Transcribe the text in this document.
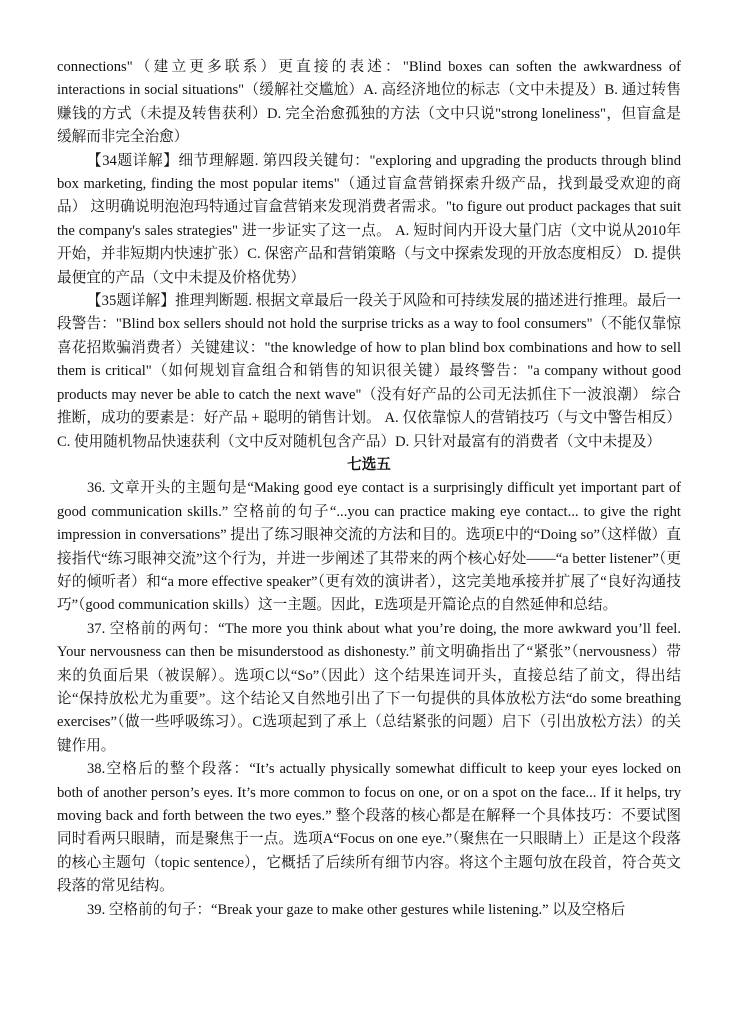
connections"（建立更多联系）更直接的表述："Blind boxes can soften the awkwardness of interactions in social situations"（缓解社交尴尬）A. 高经济地位的标志（文中未提及）B. 通过转售赚钱的方式（未提及转售获利）D. 完全治愈孤独的方法（文中只说"strong loneliness"，但盲盒是缓解而非完全治愈）

【34题详解】细节理解题. 第四段关键句："exploring and upgrading the products through blind box marketing, finding the most popular items"（通过盲盒营销探索升级产品，找到最受欢迎的商品） 这明确说明泡泡玛特通过盲盒营销来发现消费者需求。"to figure out product packages that suit the company's sales strategies" 进一步证实了这一点。 A. 短时间内开设大量门店（文中说从2010年开始，并非短期内快速扩张）C. 保密产品和营销策略（与文中探索发现的开放态度相反） D. 提供最便宜的产品（文中未提及价格优势）

【35题详解】推理判断题. 根据文章最后一段关于风险和可持续发展的描述进行推理。最后一段警告："Blind box sellers should not hold the surprise tricks as a way to fool consumers"（不能仅靠惊喜花招欺骗消费者）关键建议："the knowledge of how to plan blind box combinations and how to sell them is critical"（如何规划盲盒组合和销售的知识很关键）最终警告："a company without good products may never be able to catch the next wave"（没有好产品的公司无法抓住下一波浪潮） 综合推断，成功的要素是：好产品 + 聪明的销售计划。 A. 仅依靠惊人的营销技巧（与文中警告相反） C. 使用随机物品快速获利（文中反对随机包含产品）D. 只针对最富有的消费者（文中未提及）

七选五

36. 文章开头的主题句是“Making good eye contact is a surprisingly difficult yet important part of good communication skills.” 空格前的句子“...you can practice making eye contact... to give the right impression in conversations” 提出了练习眼神交流的方法和目的。选项E中的“Doing so”（这样做）直接指代“练习眼神交流”这个行为，并进一步阐述了其带来的两个核心好处——“a better listener”（更好的倾听者）和“a more effective speaker”（更有效的演讲者），这完美地承接并扩展了“良好沟通技巧”（good communication skills）这一主题。因此，E选项是开篇论点的自然延伸和总结。

37. 空格前的两句：“The more you think about what you’re doing, the more awkward you’ll feel. Your nervousness can then be misunderstood as dishonesty.” 前文明确指出了“紧张”（nervousness）带来的负面后果（被误解）。选项C以“So”（因此）这个结果连词开头，直接总结了前文，得出结论“保持放松尤为重要”。这个结论又自然地引出了下一句提供的具体放松方法“do some breathing exercises”（做一些呼吸练习）。C选项起到了承上（总结紧张的问题）启下（引出放松方法）的关键作用。

38.空格后的整个段落：“It’s actually physically somewhat difficult to keep your eyes locked on both of another person’s eyes. It’s more common to focus on one, or on a spot on the face... If it helps, try moving back and forth between the two eyes.” 整个段落的核心都是在解释一个具体技巧：不要试图同时看两只眼睛，而是聚焦于一点。选项A“Focus on one eye.”（聚焦在一只眼睛上）正是这个段落的核心主题句（topic sentence），它概括了后续所有细节内容。将这个主题句放在段首，符合英文段落的常见结构。

39. 空格前的句子：“Break your gaze to make other gestures while listening.” 以及空格后
